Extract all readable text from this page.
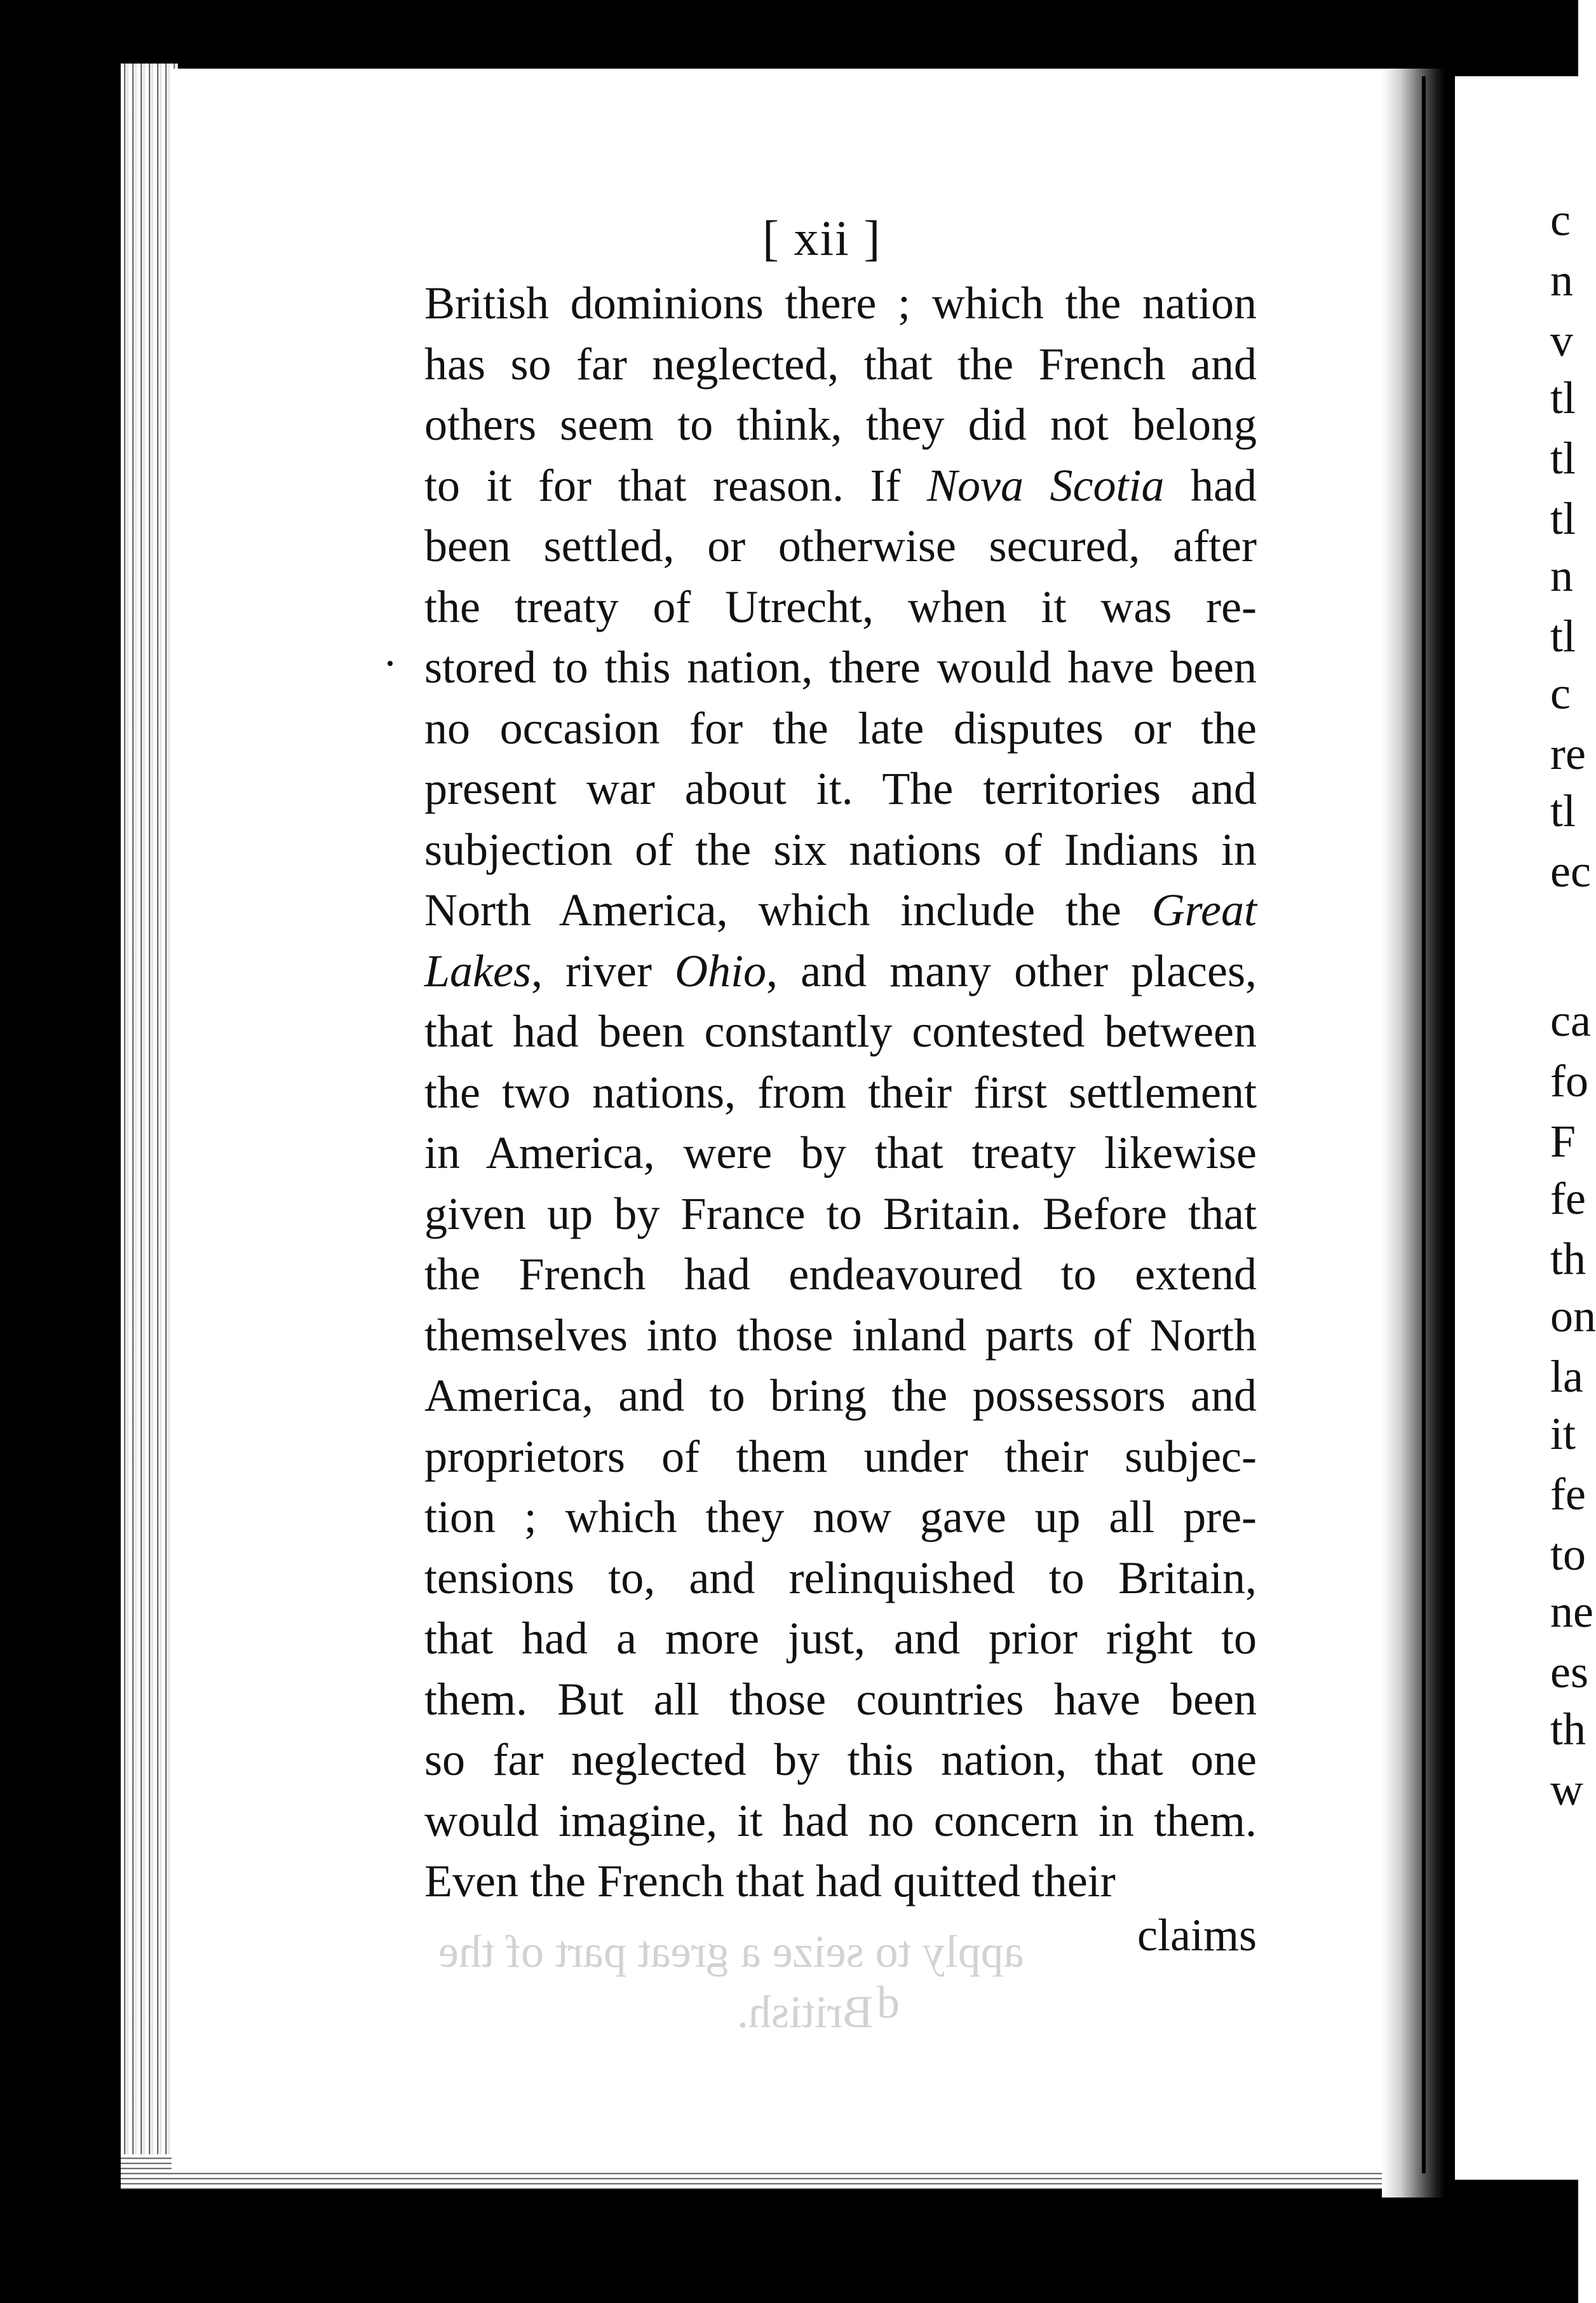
c
n
v
tl
tl
tl
n
tl
c
re
tl
ec
ca
fo
F
fe
th
on
la
it
fe
to
ne
es
th
w
apply to seize a great part of the
British. b
[ xii ]
British dominions there ; which the nation
has so far neglected, that the French and
others seem to think, they did not belong
to it for that reason. If Nova Scotia had
been settled, or otherwise secured, after
the treaty of Utrecht, when it was re-
stored to this nation, there would have been
no occasion for the late disputes or the
present war about it. The territories and
subjection of the six nations of Indians in
North America, which include the Great
Lakes, river Ohio, and many other places,
that had been constantly contested between
the two nations, from their first settlement
in America, were by that treaty likewise
given up by France to Britain. Before that
the French had endeavoured to extend
themselves into those inland parts of North
America, and to bring the possessors and
proprietors of them under their subjec-
tion ; which they now gave up all pre-
tensions to, and relinquished to Britain,
that had a more just, and prior right to
them. But all those countries have been
so far neglected by this nation, that one
would imagine, it had no concern in them.
Even the French that had quitted their
claims
